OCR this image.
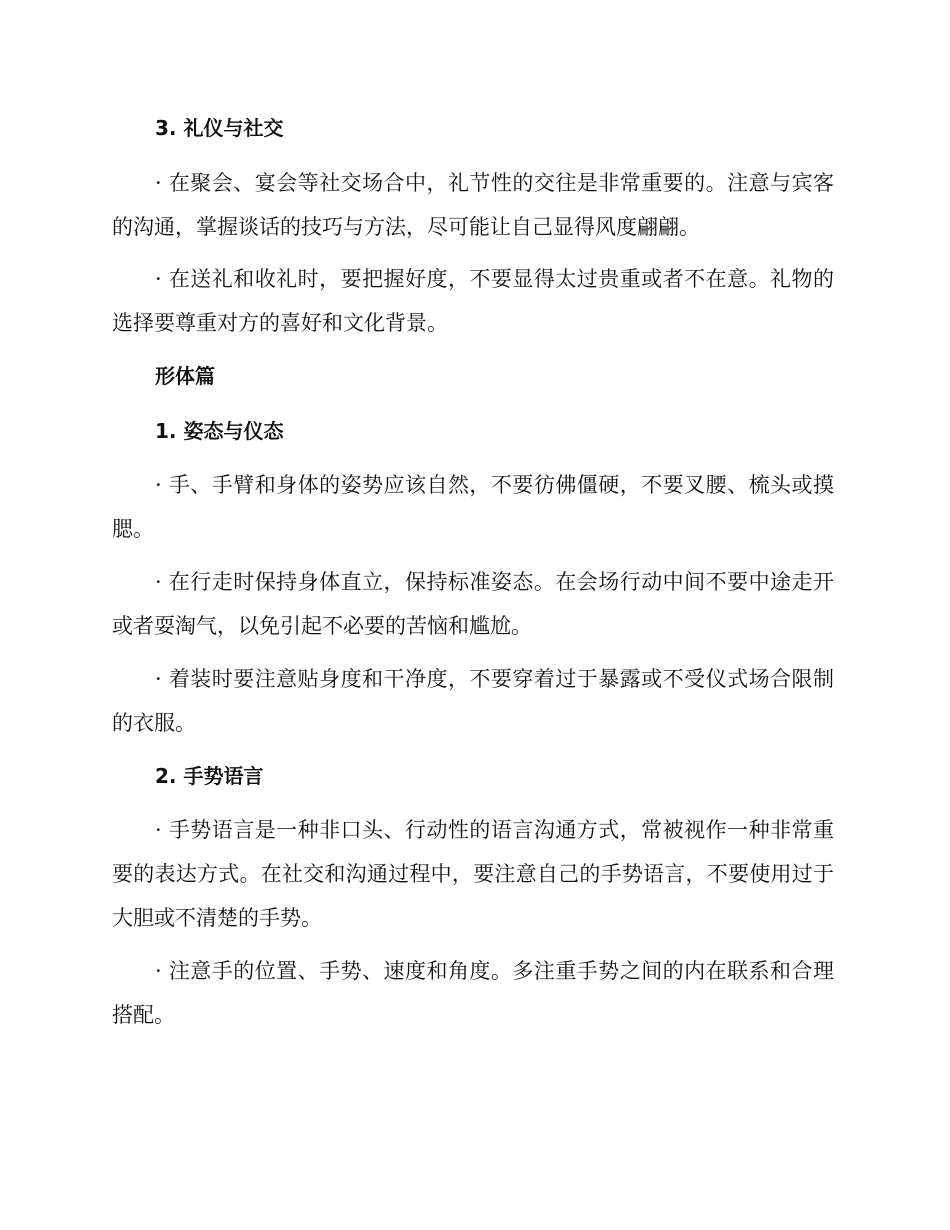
3. 礼仪与社交
· 在聚会、宴会等社交场合中，礼节性的交往是非常重要的。注意与宾客的沟通，掌握谈话的技巧与方法，尽可能让自己显得风度翩翩。
· 在送礼和收礼时，要把握好度，不要显得太过贵重或者不在意。礼物的选择要尊重对方的喜好和文化背景。
形体篇
1. 姿态与仪态
· 手、手臂和身体的姿势应该自然，不要彷佛僵硬，不要叉腰、梳头或摸腮。
· 在行走时保持身体直立，保持标准姿态。在会场行动中间不要中途走开或者耍淘气，以免引起不必要的苦恼和尴尬。
· 着装时要注意贴身度和干净度，不要穿着过于暴露或不受仪式场合限制的衣服。
2. 手势语言
· 手势语言是一种非口头、行动性的语言沟通方式，常被视作一种非常重要的表达方式。在社交和沟通过程中，要注意自己的手势语言，不要使用过于大胆或不清楚的手势。
· 注意手的位置、手势、速度和角度。多注重手势之间的内在联系和合理搭配。
